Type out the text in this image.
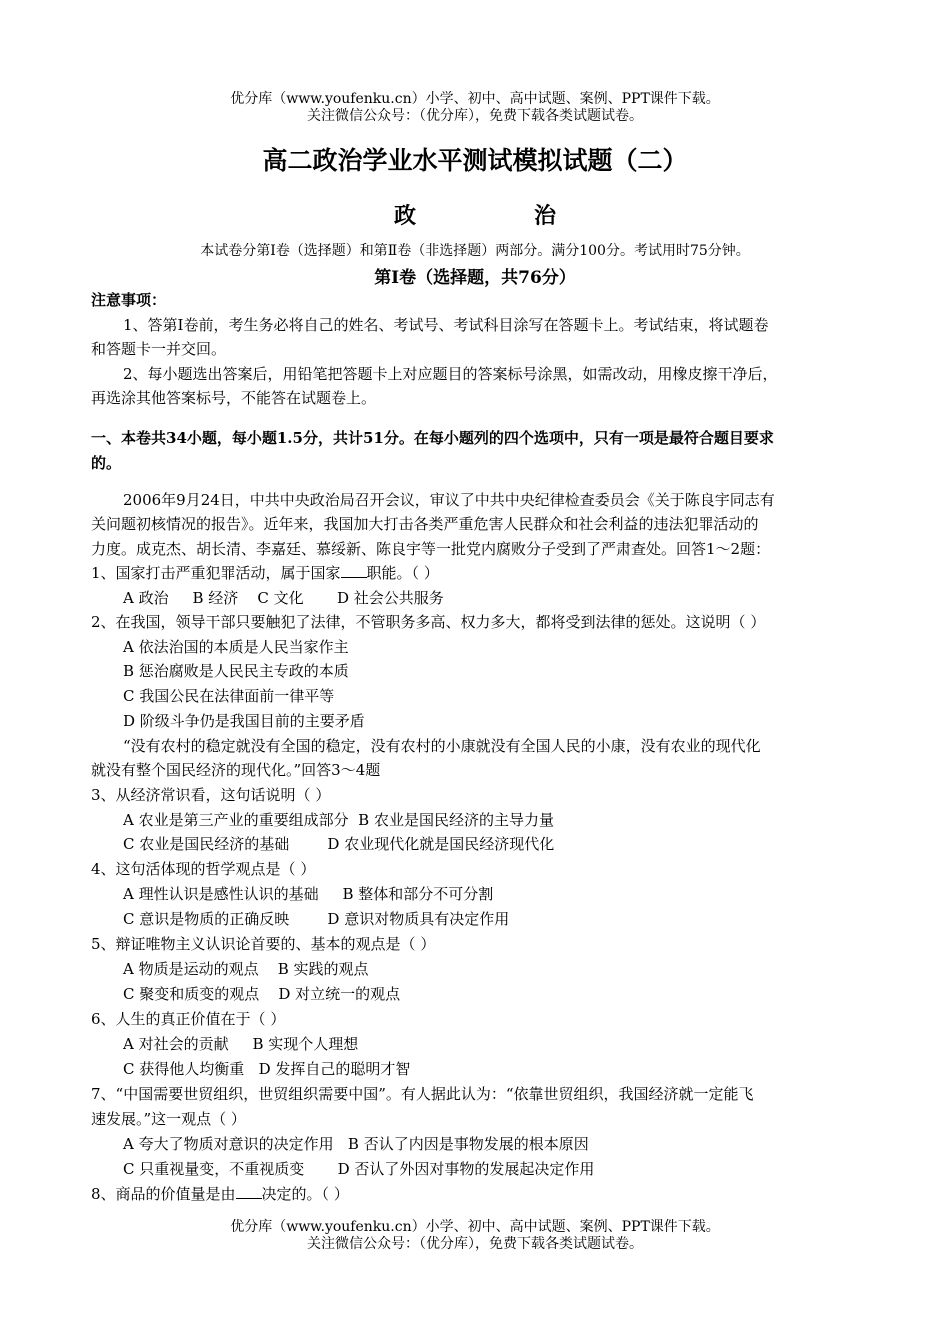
优分库（www.youfenku.cn）小学、初中、高中试题、案例、PPT课件下载。
关注微信公众号：（优分库），免费下载各类试题试卷。
高二政治学业水平测试模拟试题（二）
政	治
本试卷分第Ⅰ卷（选择题）和第Ⅱ卷（非选择题）两部分。满分100分。考试用时75分钟。
第Ⅰ卷（选择题，共76分）
注意事项：
1、答第Ⅰ卷前，考生务必将自己的姓名、考试号、考试科目涂写在答题卡上。考试结束，将试题卷
和答题卡一并交回。
2、每小题选出答案后，用铅笔把答题卡上对应题目的答案标号涂黑，如需改动，用橡皮擦干净后，
再选涂其他答案标号，不能答在试题卷上。
一、本卷共34小题，每小题1.5分，共计51分。在每小题列的四个选项中，只有一项是最符合题目要求
的。
2006年9月24日，中共中央政治局召开会议，审议了中共中央纪律检查委员会《关于陈良宇同志有
关问题初核情况的报告》。近年来，我国加大打击各类严重危害人民群众和社会利益的违法犯罪活动的
力度。成克杰、胡长清、李嘉廷、慕绥新、陈良宇等一批党内腐败分子受到了严肃查处。回答1～2题：
1、国家打击严重犯罪活动，属于国家 职能。（ ）
A 政治 B 经济 C 文化 D 社会公共服务
2、在我国，领导干部只要触犯了法律，不管职务多高、权力多大，都将受到法律的惩处。这说明（ ）
A 依法治国的本质是人民当家作主
B 惩治腐败是人民民主专政的本质
C 我国公民在法律面前一律平等
D 阶级斗争仍是我国目前的主要矛盾
“没有农村的稳定就没有全国的稳定，没有农村的小康就没有全国人民的小康，没有农业的现代化
就没有整个国民经济的现代化。”回答3～4题
3、从经济常识看，这句话说明（ ）
A 农业是第三产业的重要组成部分 B 农业是国民经济的主导力量
C 农业是国民经济的基础	D 农业现代化就是国民经济现代化
4、这句活体现的哲学观点是（ ）
A 理性认识是感性认识的基础 B 整体和部分不可分割
C 意识是物质的正确反映	D 意识对物质具有决定作用
5、辩证唯物主义认识论首要的、基本的观点是（ ）
A 物质是运动的观点 B 实践的观点
C 聚变和质变的观点 D 对立统一的观点
6、人生的真正价值在于（ ）
A 对社会的贡献 B 实现个人理想
C 获得他人均衡重 D 发挥自己的聪明才智
7、“中国需要世贸组织，世贸组织需要中国”。有人据此认为：“依靠世贸组织，我国经济就一定能飞
速发展。”这一观点（ ）
A 夸大了物质对意识的决定作用 B 否认了内因是事物发展的根本原因
C 只重视量变，不重视质变 D 否认了外因对事物的发展起决定作用
8、商品的价值量是由 决定的。（ ）
优分库（www.youfenku.cn）小学、初中、高中试题、案例、PPT课件下载。
关注微信公众号：（优分库），免费下载各类试题试卷。
